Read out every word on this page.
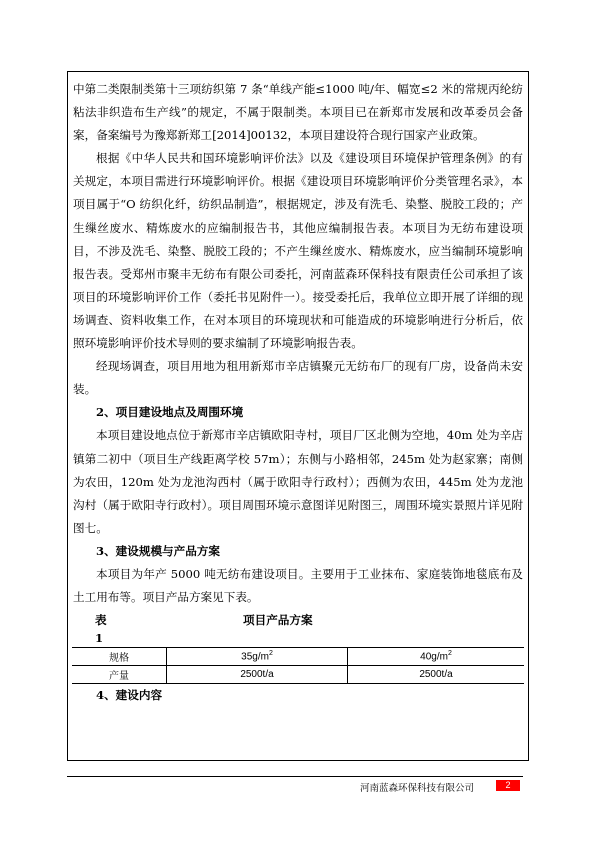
中第二类限制类第十三项纺织第 7 条“单线产能≤1000 吨/年、幅宽≤2 米的常规丙纶纺粘法非织造布生产线”的规定，不属于限制类。本项目已在新郑市发展和改革委员会备案，备案编号为豫郑新郑工[2014]00132，本项目建设符合现行国家产业政策。

根据《中华人民共和国环境影响评价法》以及《建设项目环境保护管理条例》的有关规定，本项目需进行环境影响评价。根据《建设项目环境影响评价分类管理名录》，本项目属于“O 纺织化纤，纺织品制造”，根据规定，涉及有洗毛、染整、脱胶工段的；产生缫丝废水、精炼废水的应编制报告书，其他应编制报告表。本项目为无纺布建设项目，不涉及洗毛、染整、脱胶工段的；不产生缫丝废水、精炼废水，应当编制环境影响报告表。受郑州市聚丰无纺布有限公司委托，河南蓝森环保科技有限责任公司承担了该项目的环境影响评价工作（委托书见附件一）。接受委托后，我单位立即开展了详细的现场调查、资料收集工作，在对本项目的环境现状和可能造成的环境影响进行分析后，依照环境影响评价技术导则的要求编制了环境影响报告表。

经现场调查，项目用地为租用新郑市辛店镇聚元无纺布厂的现有厂房，设备尚未安装。

2、项目建设地点及周围环境

本项目建设地点位于新郑市辛店镇欧阳寺村，项目厂区北侧为空地，40m 处为辛店镇第二初中（项目生产线距离学校 57m）；东侧与小路相邻，245m 处为赵家寨；南侧为农田，120m 处为龙池沟西村（属于欧阳寺行政村）；西侧为农田，445m 处为龙池沟村（属于欧阳寺行政村）。项目周围环境示意图详见附图三，周围环境实景照片详见附图七。

3、建设规模与产品方案

本项目为年产 5000 吨无纺布建设项目。主要用于工业抹布、家庭装饰地毯底布及土工用布等。项目产品方案见下表。

表 1
项目产品方案
规格	$35g/m^2$	$40g/m^2$
产量	2500t/a	2500t/a

4、建设内容

河南蓝森环保科技有限公司	2
